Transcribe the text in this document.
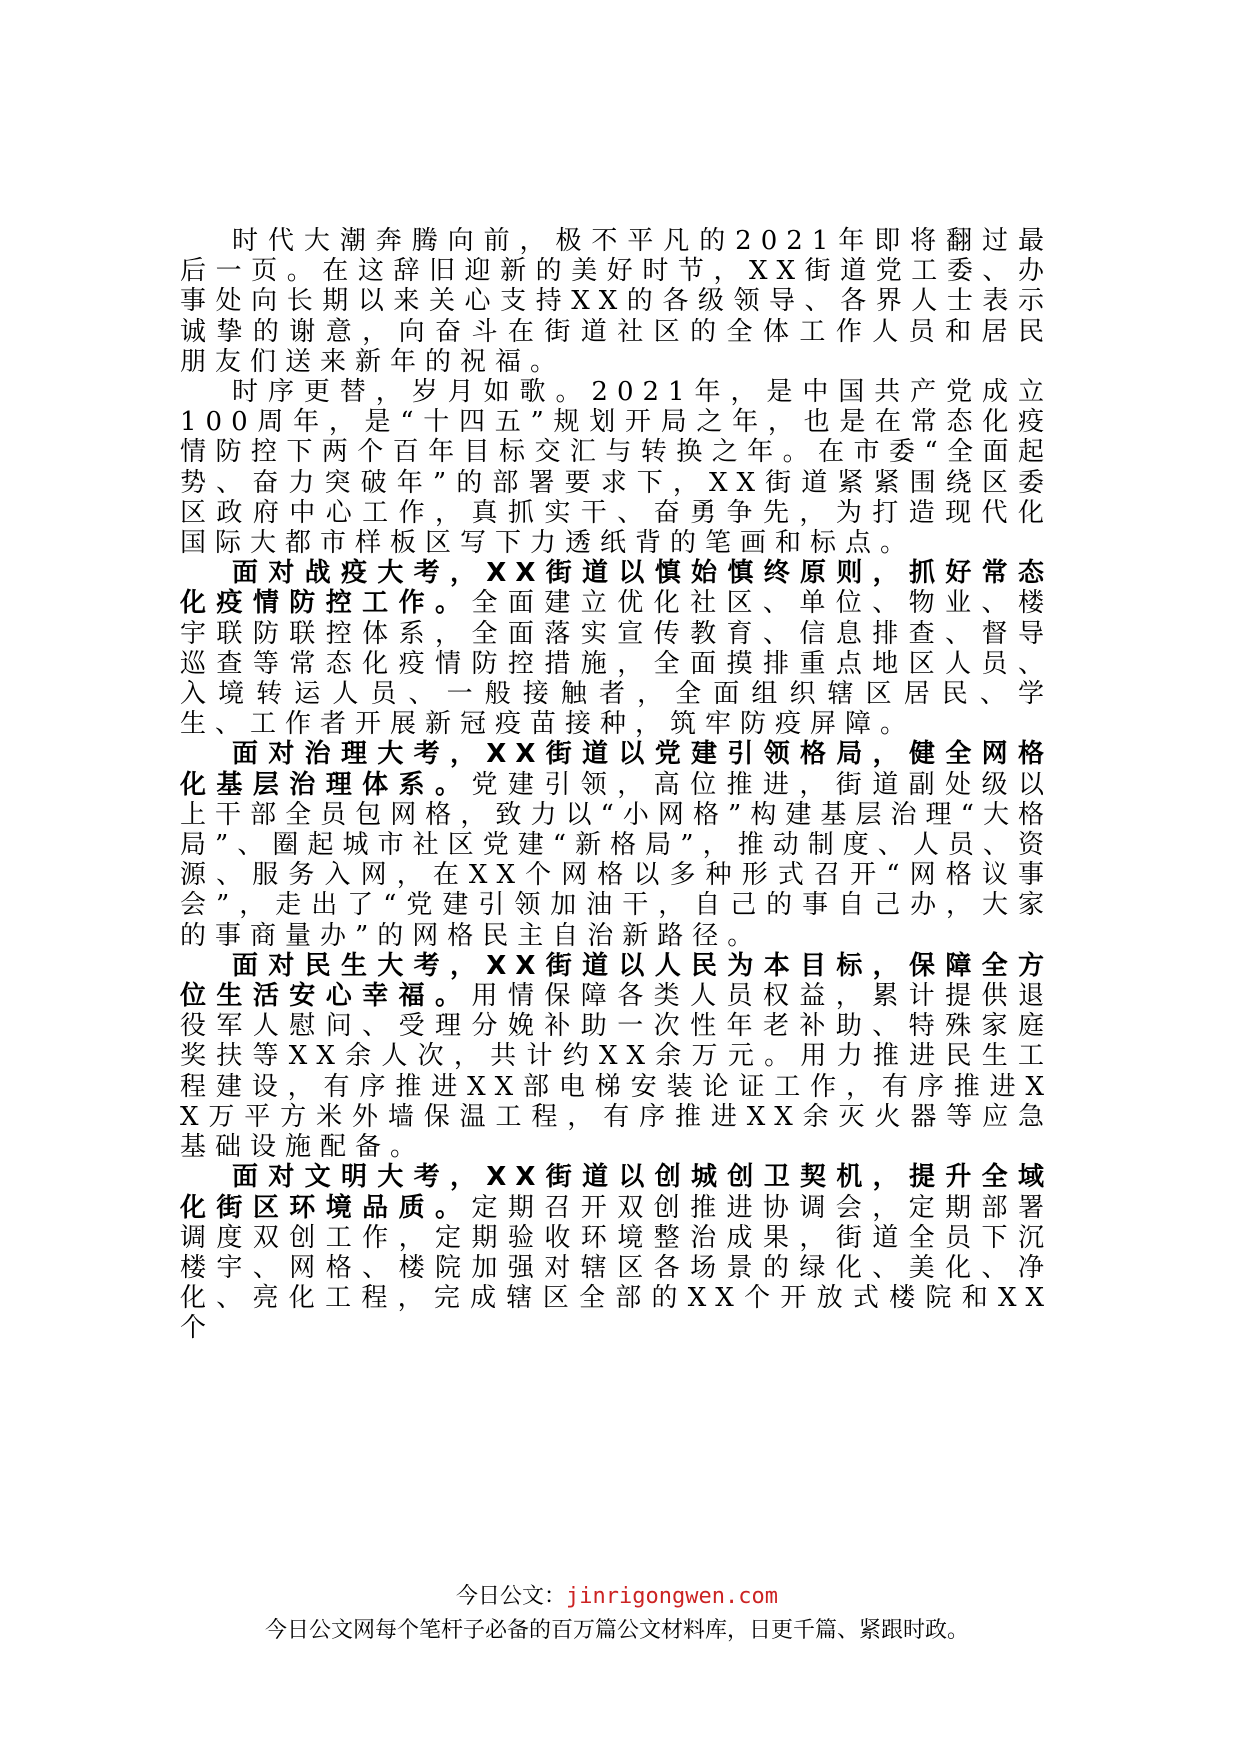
时代大潮奔腾向前，极不平凡的2021年即将翻过最后一页。在这辞旧迎新的美好时节，XX街道党工委、办事处向长期以来关心支持XX的各级领导、各界人士表示诚挚的谢意，向奋斗在街道社区的全体工作人员和居民朋友们送来新年的祝福。

时序更替，岁月如歌。2021年，是中国共产党成立100周年，是“十四五”规划开局之年，也是在常态化疫情防控下两个百年目标交汇与转换之年。在市委“全面起势、奋力突破年”的部署要求下，XX街道紧紧围绕区委区政府中心工作，真抓实干、奋勇争先，为打造现代化国际大都市样板区写下力透纸背的笔画和标点。

面对战疫大考，XX街道以慎始慎终原则，抓好常态化疫情防控工作。全面建立优化社区、单位、物业、楼宇联防联控体系，全面落实宣传教育、信息排查、督导巡查等常态化疫情防控措施，全面摸排重点地区人员、入境转运人员、一般接触者，全面组织辖区居民、学生、工作者开展新冠疫苗接种，筑牢防疫屏障。

面对治理大考，XX街道以党建引领格局，健全网格化基层治理体系。党建引领，高位推进，街道副处级以上干部全员包网格，致力以“小网格”构建基层治理“大格局”、圈起城市社区党建“新格局”，推动制度、人员、资源、服务入网，在XX个网格以多种形式召开“网格议事会”，走出了“党建引领加油干，自己的事自己办，大家的事商量办”的网格民主自治新路径。

面对民生大考，XX街道以人民为本目标，保障全方位生活安心幸福。用情保障各类人员权益，累计提供退役军人慰问、受理分娩补助一次性年老补助、特殊家庭奖扶等XX余人次，共计约XX余万元。用力推进民生工程建设，有序推进XX部电梯安装论证工作，有序推进XX万平方米外墙保温工程，有序推进XX余灭火器等应急基础设施配备。

面对文明大考，XX街道以创城创卫契机，提升全域化街区环境品质。定期召开双创推进协调会，定期部署调度双创工作，定期验收环境整治成果，街道全员下沉楼宇、网格、楼院加强对辖区各场景的绿化、美化、净化、亮化工程，完成辖区全部的XX个开放式楼院和XX个

今日公文：jinrigongwen.com
今日公文网每个笔杆子必备的百万篇公文材料库，日更千篇、紧跟时政。
